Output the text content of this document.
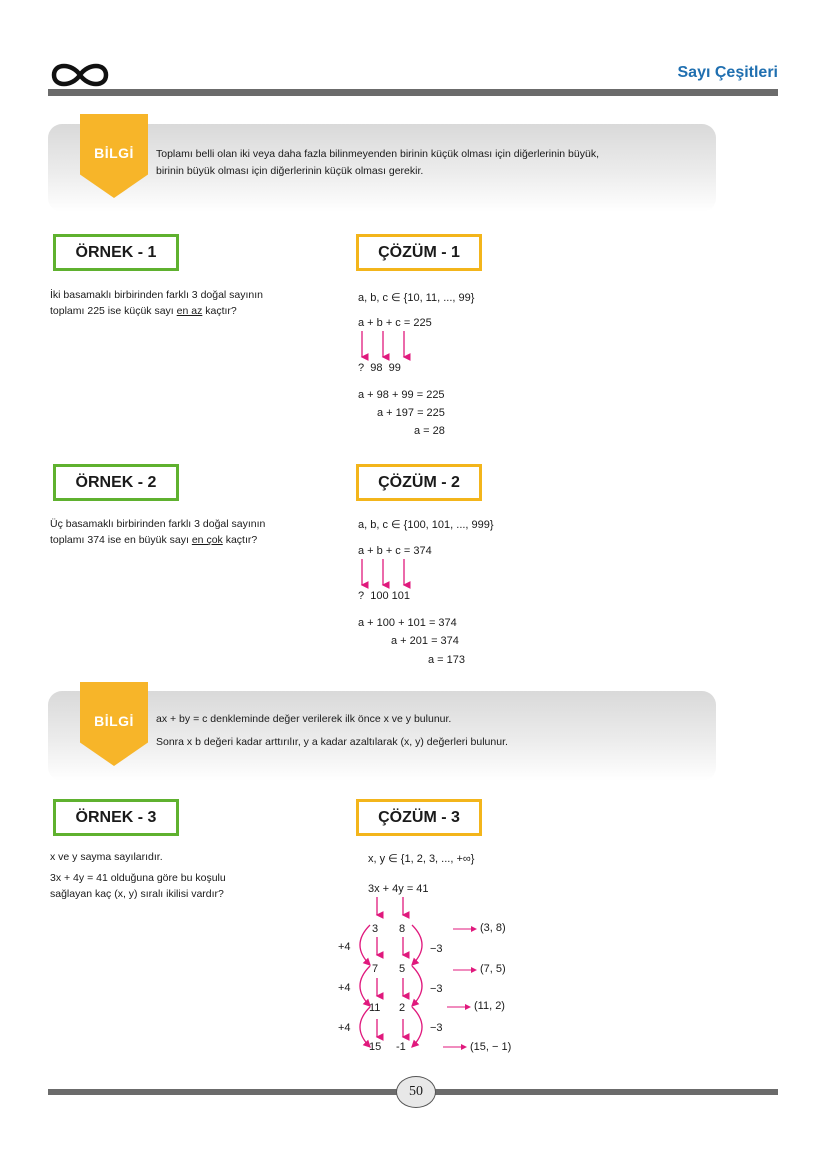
Sayı Çeşitleri
BİLGİ	Toplamı belli olan iki veya daha fazla bilinmeyenden birinin küçük olması için diğerlerinin büyük,
birinin büyük olması için diğerlerinin küçük olması gerekir.
ÖRNEK - 1
İki basamaklı birbirinden farklı 3 doğal sayının
toplamı 225 ise küçük sayı en az kaçtır?
ÇÖZÜM - 1
a, b, c ∈ {10, 11, ..., 99}
a + b + c = 225
?  98  99
a + 98 + 99 = 225
a + 197 = 225
a = 28
ÖRNEK - 2
Üç basamaklı birbirinden farklı 3 doğal sayının
toplamı 374 ise en büyük sayı en çok kaçtır?
ÇÖZÜM - 2
a, b, c ∈ {100, 101, ..., 999}
a + b + c = 374
?  100 101
a + 100 + 101 = 374
a + 201 = 374
a = 173
BİLGİ	ax + by = c denkleminde değer verilerek ilk önce x ve y bulunur.
Sonra x b değeri kadar arttırılır, y a kadar azaltılarak (x, y) değerleri bulunur.
ÖRNEK - 3
x ve y sayma sayılarıdır.
3x + 4y = 41 olduğuna göre bu koşulu
sağlayan kaç (x, y) sıralı ikilisi vardır?
ÇÖZÜM - 3
x, y ∈ {1, 2, 3, ..., +∞}
3x + 4y = 41
3 8
7 5
11 2
15 -1
+4
+4
+4
−3
−3
−3
(3, 8)
(7, 5)
(11, 2)
(15, − 1)
50
